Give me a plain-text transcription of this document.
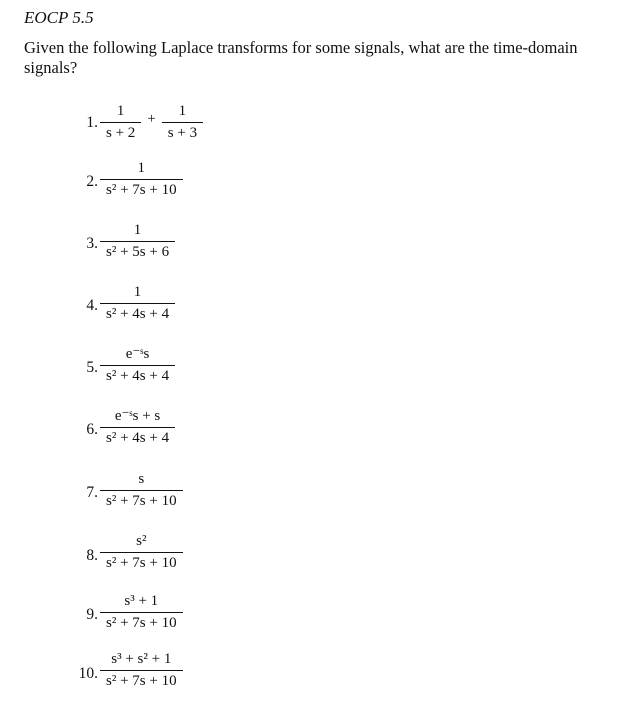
EOCP 5.5
Given the following Laplace transforms for some signals, what are the time-domain signals?
1. $\frac{1}{s + 2} + \frac{1}{s + 3}$
2. $\frac{1}{\text{s² + 7s + 10}}$
3. $\frac{1}{\text{s² + 5s + 6}}$
4. $\frac{1}{\text{s² + 4s + 4}}$
5. $\frac{\text{e⁻ˢs}}{\text{s² + 4s + 4}}$
6. $\frac{\text{e⁻ˢs + s}}{\text{s² + 4s + 4}}$
7. $\frac{s}{\text{s² + 7s + 10}}$
8. $\frac{\text{s²}}{\text{s² + 7s + 10}}$
9. $\frac{\text{s³ + 1}}{\text{s² + 7s + 10}}$
10. $\frac{\text{s³ + s² + 1}}{\text{s² + 7s + 10}}$
